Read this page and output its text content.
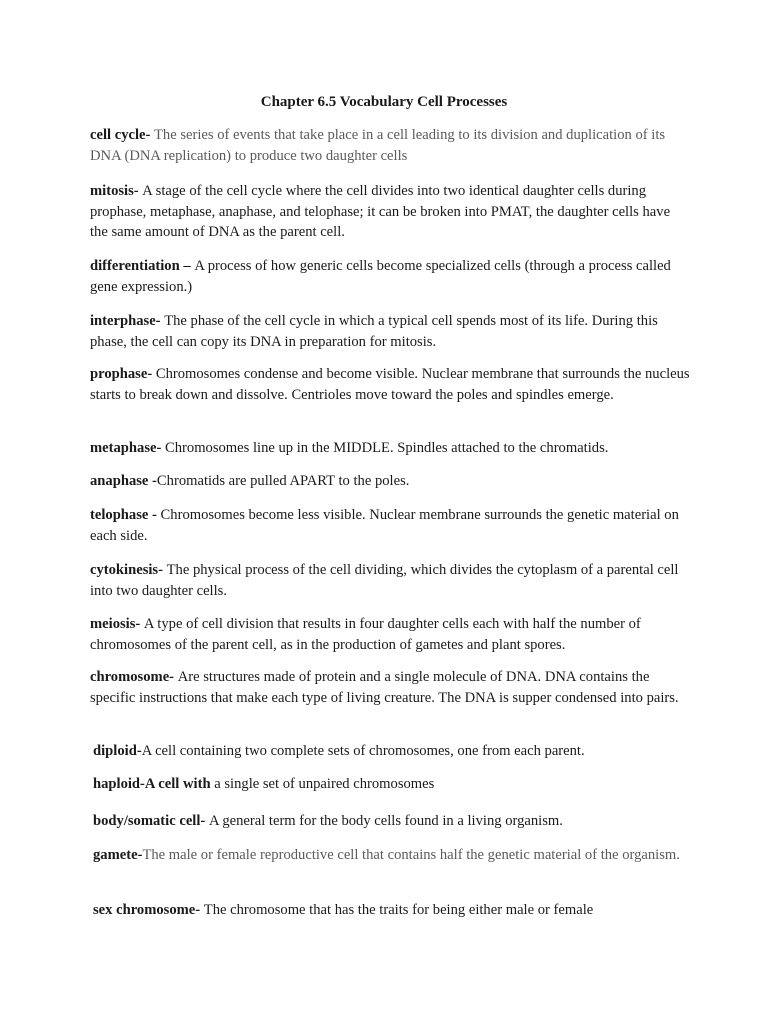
Chapter 6.5 Vocabulary Cell Processes
cell cycle- The series of events that take place in a cell leading to its division and duplication of its DNA (DNA replication) to produce two daughter cells
mitosis- A stage of the cell cycle where the cell divides into two identical daughter cells during prophase, metaphase, anaphase, and telophase; it can be broken into PMAT, the daughter cells have the same amount of DNA as the parent cell.
differentiation – A process of how generic cells become specialized cells (through a process called gene expression.)
interphase- The phase of the cell cycle in which a typical cell spends most of its life. During this phase, the cell can copy its DNA in preparation for mitosis.
prophase- Chromosomes condense and become visible. Nuclear membrane that surrounds the nucleus starts to break down and dissolve. Centrioles move toward the poles and spindles emerge.
metaphase- Chromosomes line up in the MIDDLE. Spindles attached to the chromatids.
anaphase -Chromatids are pulled APART to the poles.
telophase - Chromosomes become less visible. Nuclear membrane surrounds the genetic material on each side.
cytokinesis- The physical process of the cell dividing, which divides the cytoplasm of a parental cell into two daughter cells.
meiosis- A type of cell division that results in four daughter cells each with half the number of chromosomes of the parent cell, as in the production of gametes and plant spores.
chromosome- Are structures made of protein and a single molecule of DNA. DNA contains the specific instructions that make each type of living creature. The DNA is supper condensed into pairs.
diploid-A cell containing two complete sets of chromosomes, one from each parent.
haploid-A cell with a single set of unpaired chromosomes
body/somatic cell- A general term for the body cells found in a living organism.
gamete-The male or female reproductive cell that contains half the genetic material of the organism.
sex chromosome- The chromosome that has the traits for being either male or female
